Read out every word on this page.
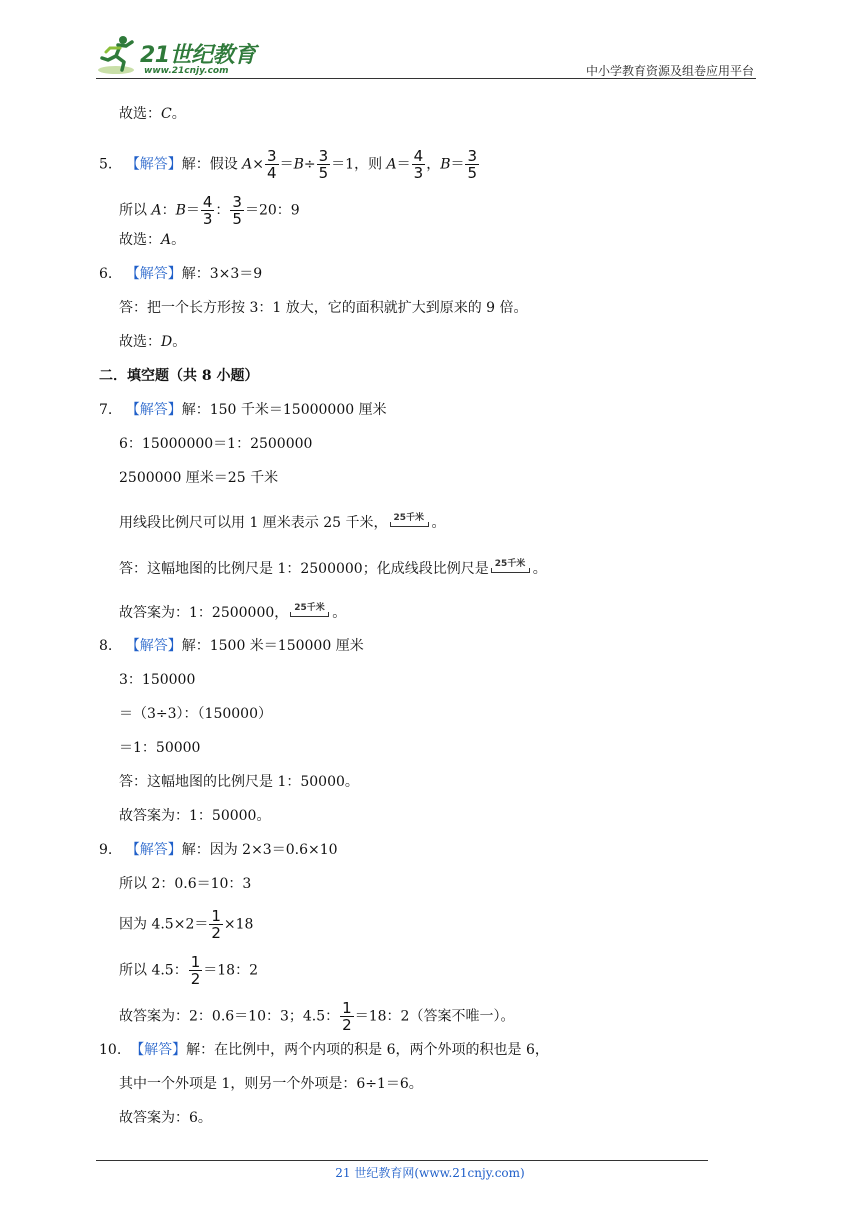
21世纪教育
www.21cnjy.com	中小学教育资源及组卷应用平台
故选：C。
5. 【解答】解：假设 $A\times \frac{3}{4} =B\div \frac{3}{5} =1$，则 $A= \frac{4}{3}$ ，$B= \frac{3}{5}$
所以 A：$B= \frac{4}{3}$ ： $\frac{3}{5} =20$：9
故选：A。
6. 【解答】解：3×3＝9
答：把一个长方形按 3：1 放大，它的面积就扩大到原来的 9 倍。
故选：D。
二．填空题（共 8 小题）
7. 【解答】解：150 千米＝15000000 厘米
6：15000000＝1：2500000
2500000 厘米＝25 千米
用线段比例尺可以用 1 厘米表示 25 千米， 25千米 。
答：这幅地图的比例尺是 1：2500000；化成线段比例尺是 25千米 。
故答案为：1：2500000， 25千米 。
8. 【解答】解：1500 米＝150000 厘米
3：150000
＝（3÷3）：（150000）
＝1：50000
答：这幅地图的比例尺是 1：50000。
故答案为：1：50000。
9. 【解答】解：因为 2×3＝0.6×10
所以 2：0.6＝10：3
因为 $4.5\times 2= \frac{1}{2} \times 18$
所以 4.5： $\frac{1}{2} =18$：2
故答案为：2：0.6＝10：3；4.5： $\frac{1}{2} =18$：2（答案不唯一）。
10. 【解答】解：在比例中，两个内项的积是 6，两个外项的积也是 6，
其中一个外项是 1，则另一个外项是：6÷1＝6。
故答案为：6。
21 世纪教育网(www.21cnjy.com)
